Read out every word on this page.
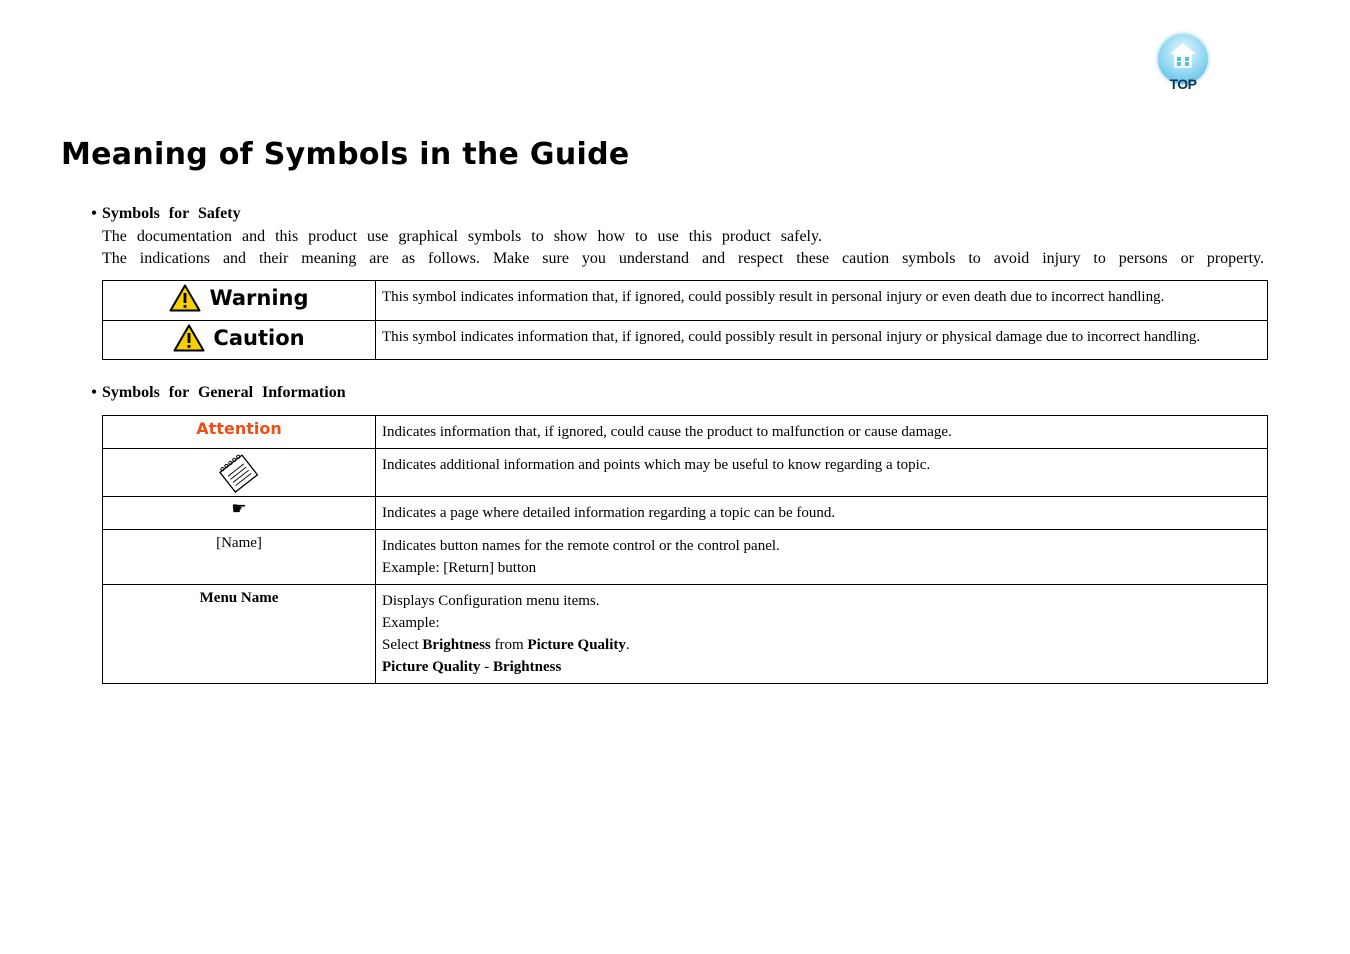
TOP
Meaning of Symbols in the Guide
• Symbols for Safety
The documentation and this product use graphical symbols to show how to use this product safely.
The indications and their meaning are as follows. Make sure you understand and respect these caution symbols to avoid injury to persons or property.
Warning	This symbol indicates information that, if ignored, could possibly result in personal injury or even death due to incorrect handling.

Caution	This symbol indicates information that, if ignored, could possibly result in personal injury or physical damage due to incorrect handling.
• Symbols for General Information
Attention	Indicates information that, if ignored, could cause the product to malfunction or cause damage.

	Indicates additional information and points which may be useful to know regarding a topic.

☛	Indicates a page where detailed information regarding a topic can be found.

[Name]	Indicates button names for the remote control or the control panel.
Example: [Return] button

Menu Name	Displays Configuration menu items.
Example:
Select Brightness from Picture Quality.
Picture Quality - Brightness
